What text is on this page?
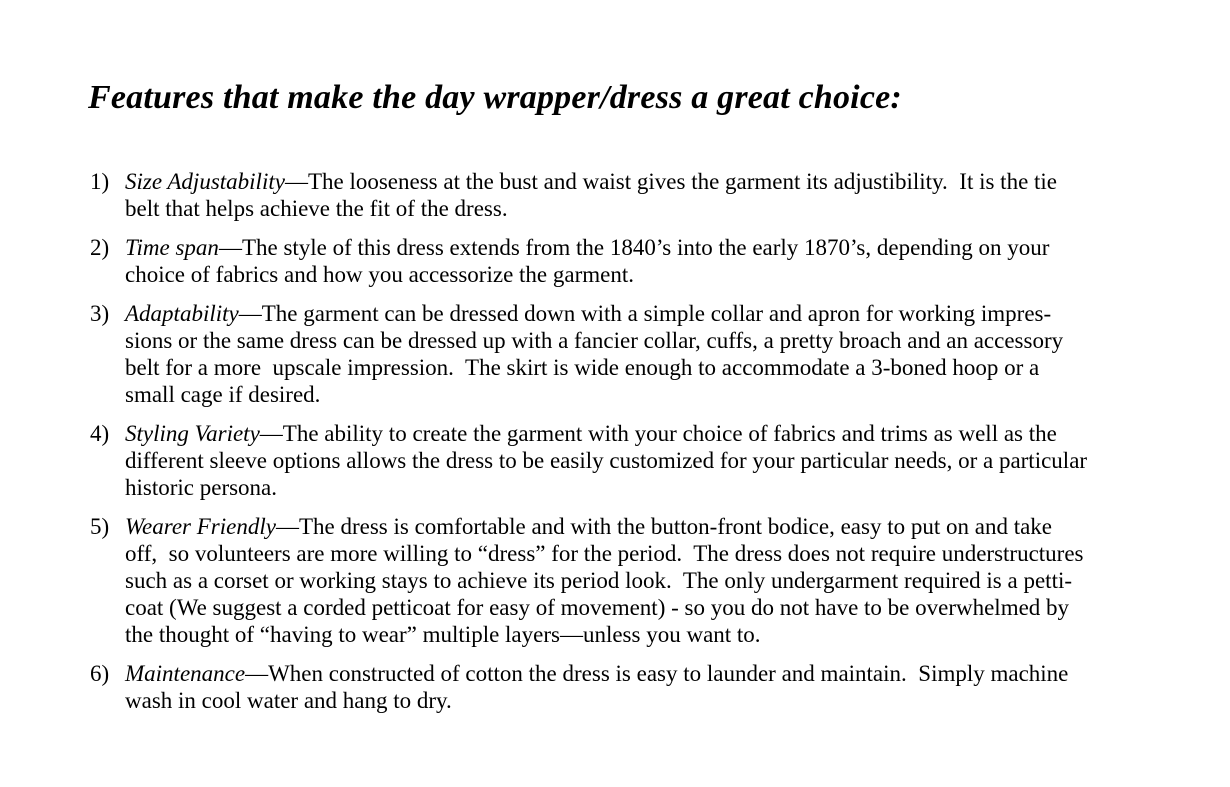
Features that make the day wrapper/dress a great choice:
1) Size Adjustability—The looseness at the bust and waist gives the garment its adjustibility.  It is the tie
belt that helps achieve the fit of the dress.
2) Time span—The style of this dress extends from the 1840’s into the early 1870’s, depending on your
choice of fabrics and how you accessorize the garment.
3) Adaptability—The garment can be dressed down with a simple collar and apron for working impres-
sions or the same dress can be dressed up with a fancier collar, cuffs, a pretty broach and an accessory
belt for a more  upscale impression.  The skirt is wide enough to accommodate a 3-boned hoop or a
small cage if desired.
4) Styling Variety—The ability to create the garment with your choice of fabrics and trims as well as the
different sleeve options allows the dress to be easily customized for your particular needs, or a particular
historic persona.
5) Wearer Friendly—The dress is comfortable and with the button-front bodice, easy to put on and take
off,  so volunteers are more willing to “dress” for the period.  The dress does not require understructures
such as a corset or working stays to achieve its period look.  The only undergarment required is a petti-
coat (We suggest a corded petticoat for easy of movement) - so you do not have to be overwhelmed by
the thought of “having to wear” multiple layers—unless you want to.
6) Maintenance—When constructed of cotton the dress is easy to launder and maintain.  Simply machine
wash in cool water and hang to dry.
